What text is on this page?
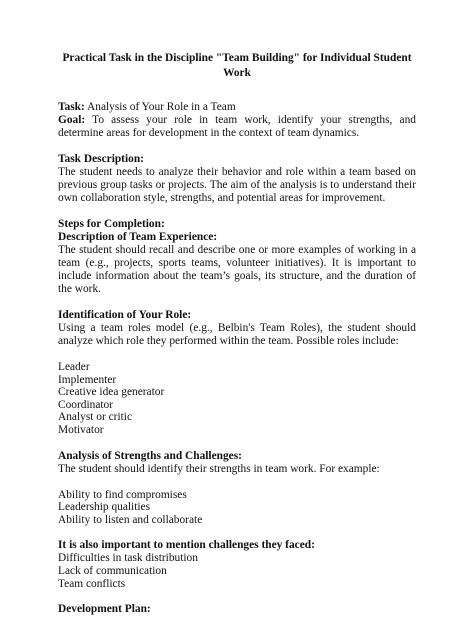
Practical Task in the Discipline "Team Building" for Individual Student Work

Task: Analysis of Your Role in a Team

Goal: To assess your role in team work, identify your strengths, and determine areas for development in the context of team dynamics.

Task Description:

The student needs to analyze their behavior and role within a team based on previous group tasks or projects. The aim of the analysis is to understand their own collaboration style, strengths, and potential areas for improvement.

Steps for Completion:

Description of Team Experience:

The student should recall and describe one or more examples of working in a team (e.g., projects, sports teams, volunteer initiatives). It is important to include information about the team’s goals, its structure, and the duration of the work.

Identification of Your Role:

Using a team roles model (e.g., Belbin's Team Roles), the student should analyze which role they performed within the team. Possible roles include:

Leader

Implementer

Creative idea generator

Coordinator

Analyst or critic

Motivator

Analysis of Strengths and Challenges:

The student should identify their strengths in team work. For example:

Ability to find compromises

Leadership qualities

Ability to listen and collaborate

It is also important to mention challenges they faced:

Difficulties in task distribution

Lack of communication

Team conflicts

Development Plan:
